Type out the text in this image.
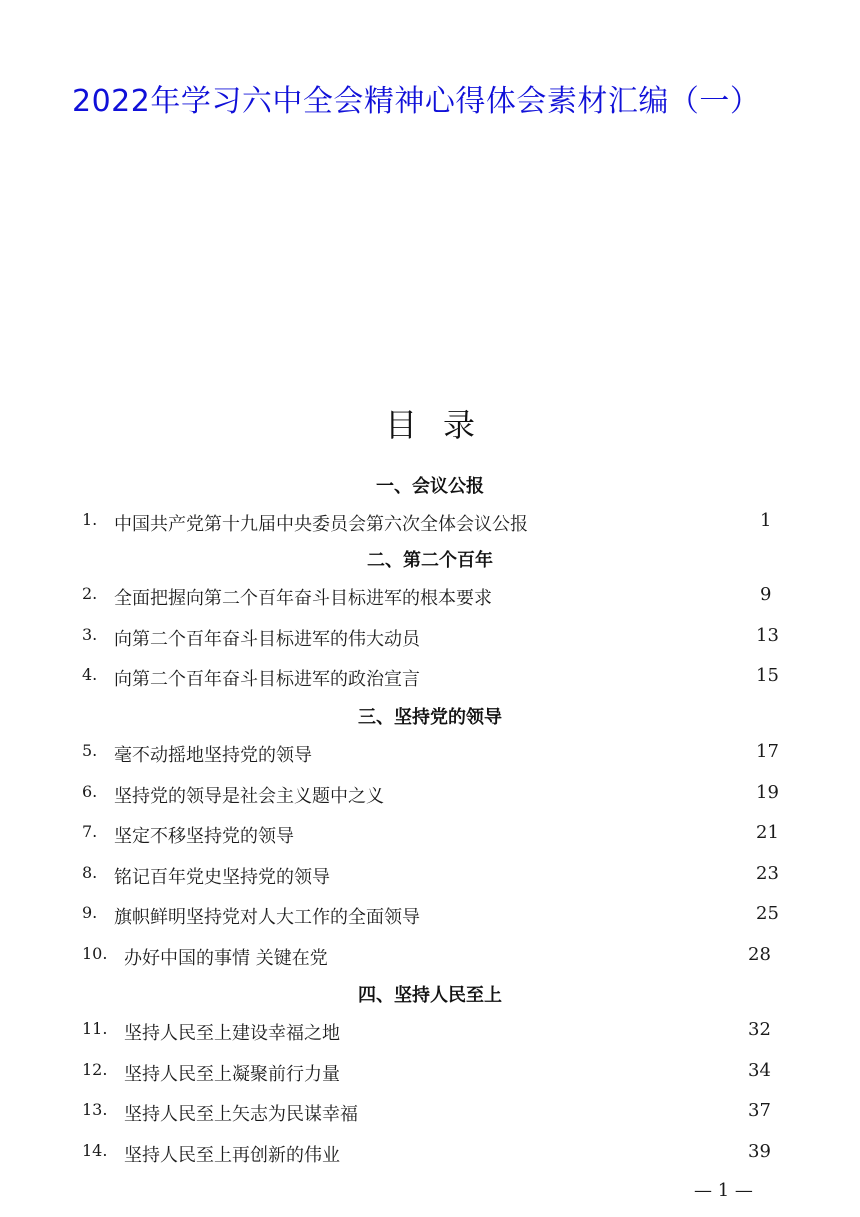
2022年学习六中全会精神心得体会素材汇编（一）
目录
一、会议公报
1. 中国共产党第十九届中央委员会第六次全体会议公报	1
二、第二个百年
2. 全面把握向第二个百年奋斗目标进军的根本要求	9
3. 向第二个百年奋斗目标进军的伟大动员	13
4. 向第二个百年奋斗目标进军的政治宣言	15
三、坚持党的领导
5. 毫不动摇地坚持党的领导	17
6. 坚持党的领导是社会主义题中之义	19
7. 坚定不移坚持党的领导	21
8. 铭记百年党史坚持党的领导	23
9. 旗帜鲜明坚持党对人大工作的全面领导	25
10. 办好中国的事情 关键在党	28
四、坚持人民至上
11. 坚持人民至上建设幸福之地	32
12. 坚持人民至上凝聚前行力量	34
13. 坚持人民至上矢志为民谋幸福	37
14. 坚持人民至上再创新的伟业	39
— 1 —
